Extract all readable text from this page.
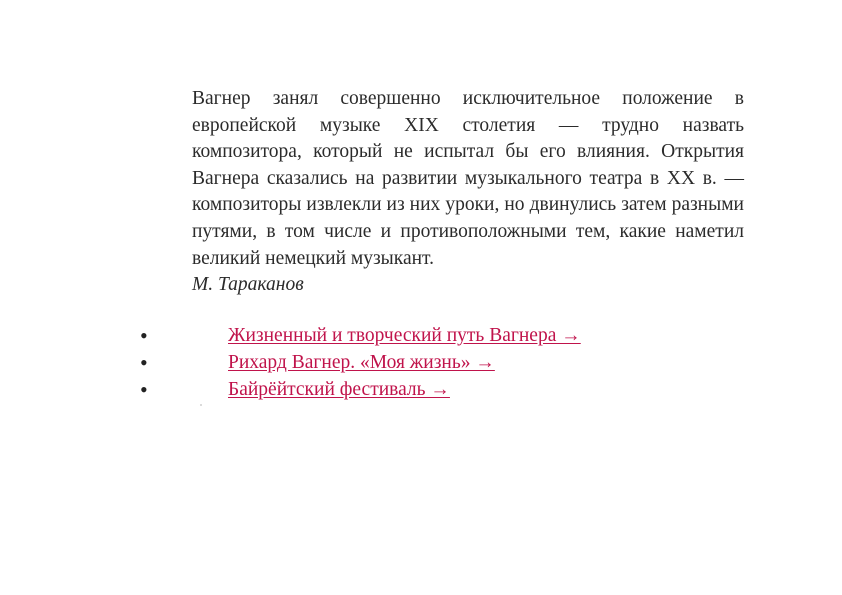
Вагнер занял совершенно исключительное положение в европейской музыке XIX столетия — трудно назвать композитора, который не испытал бы его влияния. Открытия Вагнера сказались на развитии музыкального театра в XX в. — композиторы извлекли из них уроки, но двинулись затем разными путями, в том числе и противоположными тем, какие наметил великий немецкий музыкант.

М. Тараканов

•	Жизненный и творческий путь Вагнера →
•	Рихард Вагнер. «Моя жизнь» →
•	Байрёйтский фестиваль →
